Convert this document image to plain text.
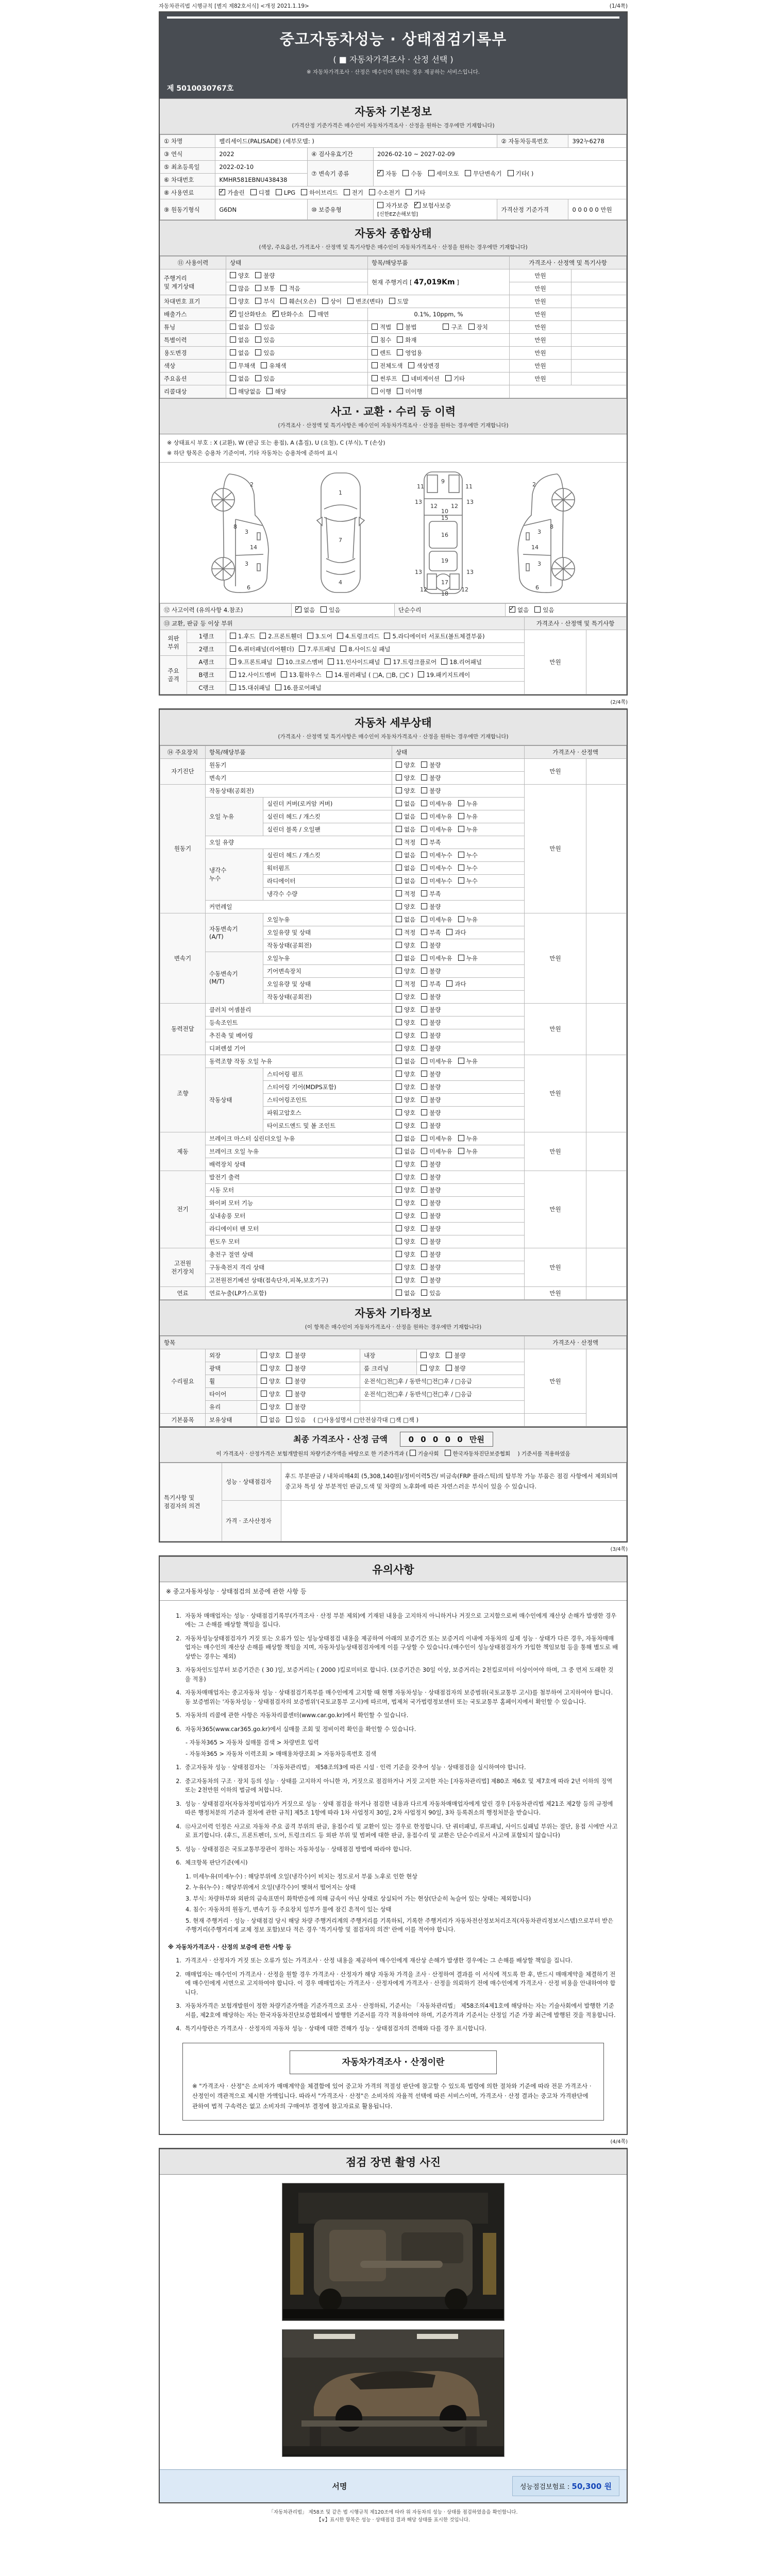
자동차관리법 시행규칙 [별지 제82호서식] <개정 2021.1.19>	(1/4쪽)
중고자동차성능 · 상태점검기록부
( ■ 자동차가격조사 · 산정 선택 )
※ 자동차가격조사 · 산정은 매수인이 원하는 경우 제공하는 서비스입니다.
제 5010030767호
자동차 기본정보
(가격산정 기준가격은 매수인이 자동차가격조사 · 산정을 원하는 경우에만 기재합니다)
① 차명	팰리세이드(PALISADE) (세부모델: )			② 자동차등록번호	392누6278
③ 연식	2022	④ 검사유효기간	2026-02-10 ~ 2027-02-09		
⑤ 최초등록일	2022-02-10	⑦ 변속기 종류	✓자동 수동 세미오토 무단변속기 기타( )
⑥ 차대번호	KMHR581EBNU438438				
⑧ 사용연료	✓가솔린 디젤 LPG 하이브리드 전기 수소전기 기타
⑨ 원동기형식	G6DN	⑩ 보증유형	자가보증 ✓ 보험사보증 [신한EZ손해보험]	가격산정 기준가격	0 0 0 0 0 만원
자동차 종합상태
(색상, 주요옵션, 가격조사 · 산정액 및 특기사항은 매수인이 자동차가격조사 · 산정을 원하는 경우에만 기재합니다)
⑪ 사용이력	상태	항목/해당부품	가격조사 · 산정액 및 특기사항	
주행거리
및 계기상태	양호 불량	현재 주행거리 [ 47,019Km ]	만원	
	많음 보통 적음		만원	
차대번호 표기	양호 부식 훼손(오손) 상이 변조(변타) 도말		만원	
배출가스	✓일산화탄소 ✓ 탄화수소 매연	0.1%, 10ppm, %	만원	
튜닝	없음 있음	적법 불법 구조 장치	만원	
특별이력	없음 있음	침수 화재	만원	
용도변경	없음 있음	렌트 영업용	만원	
색상	무채색 유채색	전체도색 색상변경	만원	
주요옵션	없음 있음	썬루프 네비게이션 기타	만원	
리콜대상	해당없음 해당	이행 미이행		
사고 · 교환 · 수리 등 이력
(가격조사 · 산정액 및 특기사항은 매수인이 자동차가격조사 · 산정을 원하는 경우에만 기재합니다)
※ 상태표시 부호 : X (교환), W (판금 또는 용접), A (흠집), U (요철), C (부식), T (손상)
※ 하단 항목은 승용차 기준이며, 기타 자동차는 승용차에 준하여 표시
2
8
3
14
3
6
1
7
4
9
11	11
13	13
12 12
10
15
16
19
13	13
12	12
17
18
2
8
3
14
3
6
⑫ 사고이력 (유의사항 4.참조)	✓없음 있음	단순수리	✓없음 있음
⑬ 교환, 판금 등 이상 부위			가격조사 · 산정액 및 특기사항	
외판
부위	1랭크	1.후드 2.프론트휀더 3.도어 4.트렁크리드 5.라디에이터 서포트(볼트체결부품)	만원	
	2랭크	6.쿼터패널(리어휀더) 7.루프패널 8.사이드실 패널		
주요
골격	A랭크	9.프론트패널 10.크로스멤버 11.인사이드패널 17.트렁크플로어 18.리어패널		
	B랭크	12.사이드멤버 13.휠하우스 14.필러패널 ( □A, □B, □C ) 19.패키지트레이		
	C랭크	15.대쉬패널 16.플로어패널		
(2/4쪽)
자동차 세부상태
(가격조사 · 산정액 및 특기사항은 매수인이 자동차가격조사 · 산정을 원하는 경우에만 기재합니다)
⑭ 주요장치	항목/해당부품		상태	가격조사 · 산정액	
자기진단	원동기		양호 불량	만원	
	변속기		양호 불량		
원동기	작동상태(공회전)		양호 불량	만원	
	오일 누유	실린더 커버(로커암 커버)	없음 미세누유 누유		
		실린더 헤드 / 개스킷	없음 미세누유 누유		
		실린더 블록 / 오일팬	없음 미세누유 누유		
	오일 유량		적정 부족		
	냉각수
누수	실린더 헤드 / 개스킷	없음 미세누수 누수		
		워터펌프	없음 미세누수 누수		
		라디에이터	없음 미세누수 누수		
		냉각수 수량	적정 부족		
	커먼레일		양호 불량		
변속기	자동변속기
(A/T)	오일누유	없음 미세누유 누유	만원	
		오일유량 및 상태	적정 부족 과다		
		작동상태(공회전)	양호 불량		
	수동변속기
(M/T)	오일누유	없음 미세누유 누유		
		기어변속장치	양호 불량		
		오일유량 및 상태	적정 부족 과다		
		작동상태(공회전)	양호 불량		
동력전달	클러치 어셈블리		양호 불량	만원	
	등속조인트		양호 불량		
	추진축 및 베어링		양호 불량		
	디퍼렌셜 기어		양호 불량		
조향	동력조향 작동 오일 누유		없음 미세누유 누유	만원	
	작동상태	스티어링 펌프	양호 불량		
		스티어링 기어(MDPS포함)	양호 불량		
		스티어링조인트	양호 불량		
		파워고압호스	양호 불량		
		타이로드엔드 및 볼 조인트	양호 불량		
제동	브레이크 마스터 실린더오일 누유		없음 미세누유 누유	만원	
	브레이크 오일 누유		없음 미세누유 누유		
	배력장치 상태		양호 불량		
전기	발전기 출력		양호 불량	만원	
	시동 모터		양호 불량		
	와이퍼 모터 기능		양호 불량		
	실내송풍 모터		양호 불량		
	라디에이터 팬 모터		양호 불량		
	윈도우 모터		양호 불량		
고전원
전기장치	충전구 절연 상태		양호 불량	만원	
	구동축전지 격리 상태		양호 불량		
	고전원전기배선 상태(접속단자,피복,보호기구)		양호 불량		
연료	연료누출(LP가스포함)		없음 있음	만원	
자동차 기타정보
(이 항목은 매수인이 자동차가격조사 · 산정을 원하는 경우에만 기재합니다)
항목					가격조사 · 산정액	
수리필요	외장	양호 불량	내장	양호 불량	만원	
	광택	양호 불량	룸 크리닝	양호 불량		
	휠	양호 불량	운전석□전□후 / 동반석□전□후 / □응급			
	타이어	양호 불량	운전석□전□후 / 동반석□전□후 / □응급			
	유리	양호 불량				
기본품목	보유상태	없음 있음 ( □사용설명서 □안전삼각대 □잭 □잭 )				
최종 가격조사 · 산정 금액	0 0 0 0 0 만원
이 가격조사 · 산정가격은 보험개발원의 차량기준가액을 바탕으로 한 기준가격과 ( 기술사회	한국자동차진단보증협회 ) 기준서를 적용하였음
특기사항 및 점검자의 의견	성능 · 상태점검자	후드 부분판금 / 내차피해4회 (5,308,140원)/정비이력5건/ 비금속(FRP 플라스틱)의 탈부착 가능 부품은 점검 사항에서 제외되며 중고차 특성 상 부분적인 판금,도색 및 차량의 노후화에 따른 자연스러운 부식이 있을 수 있습니다.
	가격 · 조사산정자	
(3/4쪽)
유의사항
※ 중고자동차성능 · 상태점검의 보증에 관한 사항 등
1. 자동차 매매업자는 성능 · 상태점검기록부(가격조사 · 산정 부분 제외)에 기재된 내용을 고지하지 아니하거나 거짓으로 고지함으로써 매수인에게 재산상 손해가 발생한 경우에는 그 손해를 배상할 책임을 집니다.
2. 자동차성능상태점검자가 거짓 또는 오류가 있는 성능상태점검 내용을 제공하여 아래의 보증기간 또는 보증거리 이내에 자동차의 실제 성능 · 상태가 다른 경우, 자동차매매업자는 매수인의 재산상 손해를 배상할 책임을 지며, 자동차성능상태점검자에게 이를 구상할 수 있습니다.(매수인이 성능상태점검자가 가입한 책임보험 등을 통해 별도로 배상받는 경우는 제외)
3. 자동차인도일부터 보증기간은 ( 30 )일, 보증거리는 ( 2000 )킬로미터로 합니다. (보증기간은 30일 이상, 보증거리는 2천킬로미터 이상이어야 하며, 그 중 먼저 도래한 것을 적용)
4. 자동차매매업자는 중고자동차 성능 · 상태점검기록부를 매수인에게 고지할 때 현행 자동차성능 · 상태점검자의 보증범위(국토교통부 고시)를 첨부하여 고지하여야 합니다. 동 보증범위는 '자동차성능 · 상태점검자의 보증범위'(국토교통부 고시)에 따르며, 법제처 국가법령정보센터 또는 국토교통부 홈페이지에서 확인할 수 있습니다.
5. 자동차의 리콜에 관한 사항은 자동차리콜센터(www.car.go.kr)에서 확인할 수 있습니다.
6. 자동차365(www.car365.go.kr)에서 실매물 조회 및 정비이력 확인을 확인할 수 있습니다.
- 자동차365 > 자동차 실매물 검색 > 차량번호 입력
- 자동차365 > 자동차 이력조회 > 매매용차량조회 > 자동차등록번호 검색
1. 중고자동차 성능 · 상태점검자는 「자동차관리법」 제58조의3에 따른 시설 · 인력 기준을 갖추어 성능 · 상태점검을 실시하여야 합니다.
2. 중고자동차의 구조 · 장치 등의 성능 · 상태를 고지하지 아니한 자, 거짓으로 점검하거나 거짓 고지한 자는 [자동차관리법] 제80조 제6호 및 제7호에 따라 2년 이하의 징역 또는 2천만원 이하의 벌금에 처합니다.
3. 성능 · 상태점검자(자동차정비업자)가 거짓으로 성능 · 상태 점검을 하거나 점검한 내용과 다르게 자동차매매업자에게 알린 경우 [자동차관리법 제21조 제2항 등의 규정에 따른 행정처분의 기준과 절차에 관한 규칙] 제5조 1항에 따라 1차 사업정지 30일, 2차 사업정지 90일, 3차 등록취소의 행정처분을 받습니다.
4. ⑫사고이력 인정은 사고로 자동차 주요 골격 부위의 판금, 용접수리 및 교환이 있는 경우로 한정합니다. 단 쿼터패널, 루프패널, 사이드실패널 부위는 절단, 용접 시에만 사고로 표기합니다. (후드, 프론트펜더, 도어, 트렁크리드 등 외판 부위 및 범퍼에 대한 판금, 용접수리 및 교환은 단순수리로서 사고에 포함되지 않습니다)
5. 성능 · 상태점검은 국토교통부장관이 정하는 자동차성능 · 상태점검 방법에 따라야 합니다.
6. 체크항목 판단기준(예시)
1. 미세누유(미세누수) : 해당부위에 오일(냉각수)이 비치는 정도로서 부품 노후로 인한 현상
2. 누유(누수) : 해당부위에서 오일(냉각수)이 맺혀서 떨어지는 상태
3. 부식: 차량하부와 외판의 금속표면이 화학반응에 의해 금속이 아닌 상태로 상실되어 가는 현상(단순히 녹슬어 있는 상태는 제외합니다)
4. 침수: 자동차의 원동기, 변속기 등 주요장치 일부가 물에 잠긴 흔적이 있는 상태
5. 현재 주행거리 · 성능 · 상태점검 당시 해당 차량 주행거리계의 주행거리를 기록하되, 기록한 주행거리가 자동차전산정보처리조직(자동차관리정보시스템)으로부터 받은 주행거리(주행거리계 교체 정보 포함)보다 적은 경우 '특기사항 및 점검자의 의견' 란에 이를 적어야 합니다.
※ 자동차가격조사 · 산정의 보증에 관한 사항 등
1. 가격조사 · 산정자가 거짓 또는 오류가 있는 가격조사 · 산정 내용을 제공하여 매수인에게 재산상 손해가 발생한 경우에는 그 손해를 배상할 책임을 집니다.
2. 매매업자는 매수인이 가격조사 · 산정을 원할 경우 가격조사 · 산정자가 해당 자동차 가격을 조사 · 산정하여 결과를 이 서식에 적도록 한 후, 반드시 매매계약을 체결하기 전에 매수인에게 서면으로 고지하여야 합니다. 이 경우 매매업자는 가격조사 · 산정자에게 가격조사 · 산정을 의뢰하기 전에 매수인에게 가격조사 · 산정 비용을 안내하여야 합니다.
3. 자동차가격은 보험개발원이 정한 차량기준가액을 기준가격으로 조사 · 산정하되, 기준서는 「자동차관리법」 제58조의4제1호에 해당하는 자는 기술사회에서 발행한 기준서를, 제2호에 해당하는 자는 한국자동차진단보증협회에서 발행한 기준서를 각각 적용하여야 하며, 기준가격과 기준서는 산정일 기준 가장 최근에 발행된 것을 적용합니다.
4. 특기사항란은 가격조사 · 산정자의 자동차 성능 · 상태에 대한 견해가 성능 · 상태점검자의 견해와 다를 경우 표시합니다.
자동차가격조사 · 산정이란
※ "가격조사 · 산정"은 소비자가 매매계약을 체결함에 있어 중고차 가격의 적절성 판단에 참고할 수 있도록 법령에 의한 절차와 기준에 따라 전문 가격조사 · 산정인이 객관적으로 제시한 가액입니다. 따라서 "가격조사 · 산정"은 소비자의 자율적 선택에 따른 서비스이며, 가격조사 · 산정 결과는 중고차 가격판단에 관하여 법적 구속력은 없고 소비자의 구매여부 결정에 참고자료로 활용됩니다.
(4/4쪽)
점검 장면 촬영 사진
서명	성능점검보험료 : 50,300 원
「자동차관리법」 제58조 및 같은 법 시행규칙 제120조에 따라 위 자동차의 성능 · 상태를 점검하였음을 확인합니다.
【∨】표시한 항목은 성능 · 상태점검 결과 해당 상태를 표시한 것입니다.
